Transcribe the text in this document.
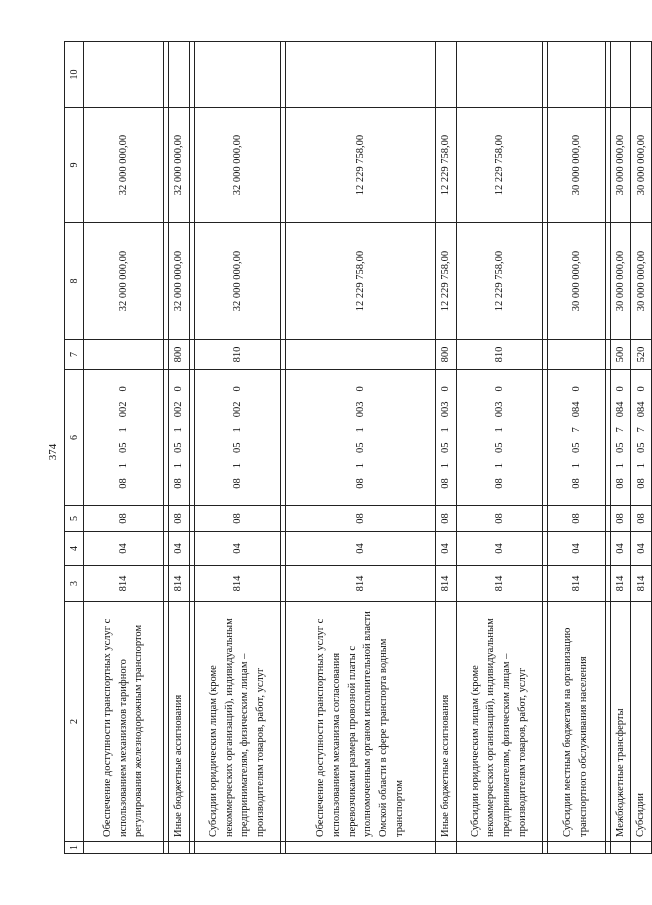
374
1	2	3	4	5	6	7	8	9	10
	Обеспечение доступности транспортных услуг с использованием механизмов тарифного регулирования железнодорожным транспортом	814	04	08	0810510020		32 000 000,00	32 000 000,00	

	Иные бюджетные ассигнования	814	04	08	0810510020	800	32 000 000,00	32 000 000,00	

	Субсидии юридическим лицам (кроме некоммерческих организаций), индивидуальным предпринимателям, физическим лицам – производителям товаров, работ, услуг	814	04	08	0810510020	810	32 000 000,00	32 000 000,00	

	Обеспечение доступности транспортных услуг с использованием механизма согласования перевозчиками размера провозной платы с уполномоченным органом исполнительной власти Омской области в сфере транспорта водным транспортом	814	04	08	0810510030		12 229 758,00	12 229 758,00	
	Иные бюджетные ассигнования	814	04	08	0810510030	800	12 229 758,00	12 229 758,00	
	Субсидии юридическим лицам (кроме некоммерческих организаций), индивидуальным предпринимателям, физическим лицам – производителям товаров, работ, услуг	814	04	08	0810510030	810	12 229 758,00	12 229 758,00	

	Субсидии местным бюджетам на организацию транспортного обслуживания населения	814	04	08	0810570840		30 000 000,00	30 000 000,00	

	Межбюджетные трансферты	814	04	08	0810570840	500	30 000 000,00	30 000 000,00	
	Субсидии	814	04	08	0810570840	520	30 000 000,00	30 000 000,00	
